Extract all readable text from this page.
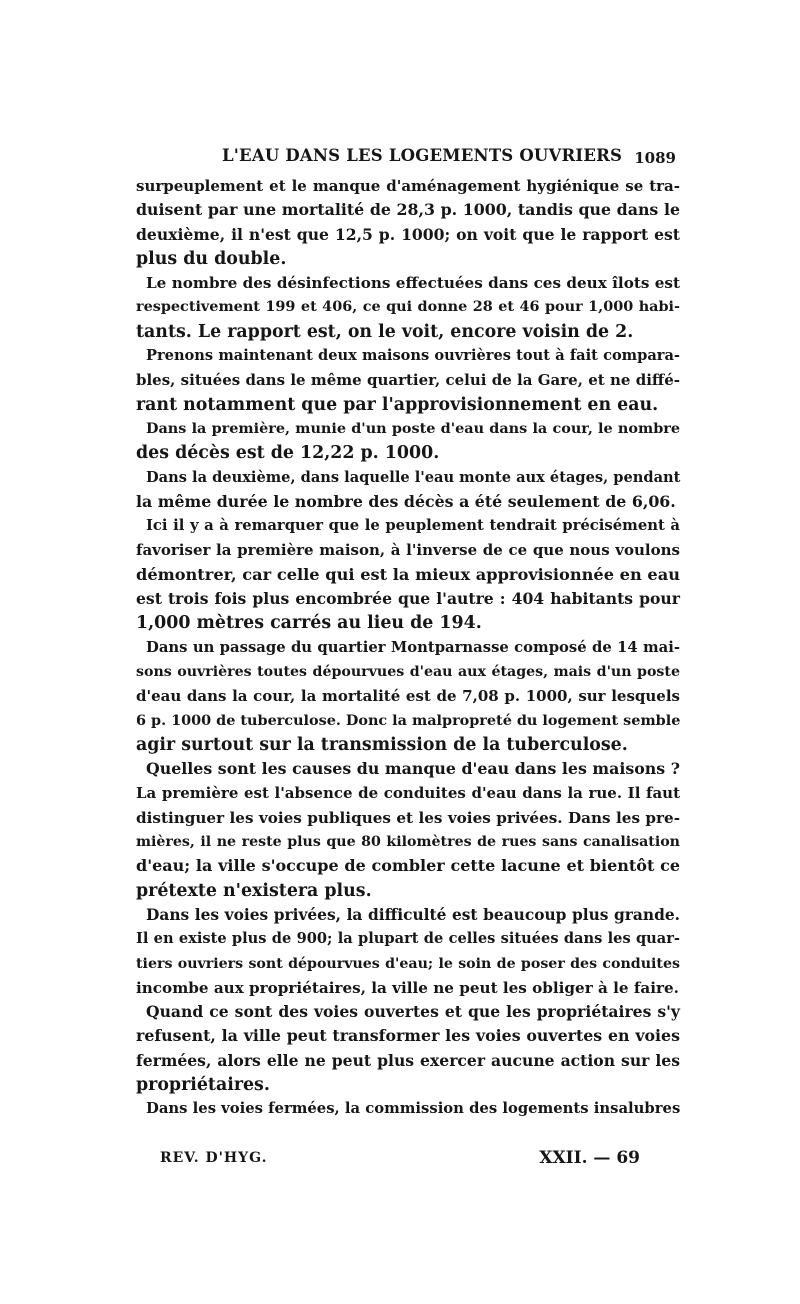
L'EAU DANS LES LOGEMENTS OUVRIERS 1089
surpeuplement et le manque d'aménagement hygiénique se tra-
duisent par une mortalité de 28,3 p. 1000, tandis que dans le
deuxième, il n'est que 12,5 p. 1000; on voit que le rapport est
plus du double.
Le nombre des désinfections effectuées dans ces deux îlots est
respectivement 199 et 406, ce qui donne 28 et 46 pour 1,000 habi-
tants. Le rapport est, on le voit, encore voisin de 2.
Prenons maintenant deux maisons ouvrières tout à fait compara-
bles, situées dans le même quartier, celui de la Gare, et ne diffé-
rant notamment que par l'approvisionnement en eau.
Dans la première, munie d'un poste d'eau dans la cour, le nombre
des décès est de 12,22 p. 1000.
Dans la deuxième, dans laquelle l'eau monte aux étages, pendant
la même durée le nombre des décès a été seulement de 6,06.
Ici il y a à remarquer que le peuplement tendrait précisément à
favoriser la première maison, à l'inverse de ce que nous voulons
démontrer, car celle qui est la mieux approvisionnée en eau
est trois fois plus encombrée que l'autre : 404 habitants pour
1,000 mètres carrés au lieu de 194.
Dans un passage du quartier Montparnasse composé de 14 mai-
sons ouvrières toutes dépourvues d'eau aux étages, mais d'un poste
d'eau dans la cour, la mortalité est de 7,08 p. 1000, sur lesquels
6 p. 1000 de tuberculose. Donc la malpropreté du logement semble
agir surtout sur la transmission de la tuberculose.
Quelles sont les causes du manque d'eau dans les maisons ?
La première est l'absence de conduites d'eau dans la rue. Il faut
distinguer les voies publiques et les voies privées. Dans les pre-
mières, il ne reste plus que 80 kilomètres de rues sans canalisation
d'eau; la ville s'occupe de combler cette lacune et bientôt ce
prétexte n'existera plus.
Dans les voies privées, la difficulté est beaucoup plus grande.
Il en existe plus de 900; la plupart de celles situées dans les quar-
tiers ouvriers sont dépourvues d'eau; le soin de poser des conduites
incombe aux propriétaires, la ville ne peut les obliger à le faire.
Quand ce sont des voies ouvertes et que les propriétaires s'y
refusent, la ville peut transformer les voies ouvertes en voies
fermées, alors elle ne peut plus exercer aucune action sur les
propriétaires.
Dans les voies fermées, la commission des logements insalubres
REV. D'HYG.	XXII. — 69
